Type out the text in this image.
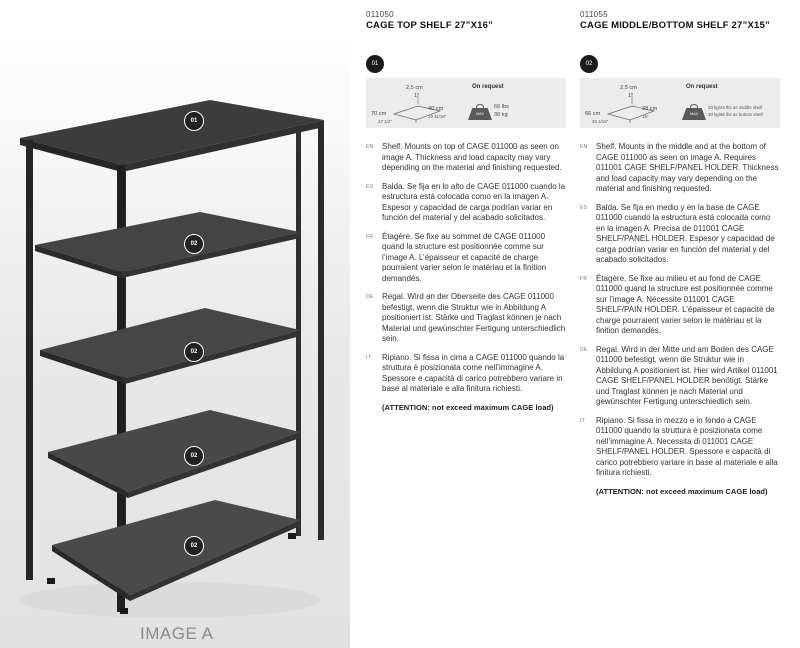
01
02
02
02
02
IMAGE A
011050
CAGE TOP SHELF 27”X16”
01
2,5 cm
1”
70 cm
27 1/2”
40 cm
15 11/16”
On request
MAX
66 lbs
30 kg
EN Shelf. Mounts on top of CAGE 011000 as seen on image A. Thickness and load capacity may vary depending on the material and finishing requested.
ES Balda. Se fija en lo alto de CAGE 011000 cuando la estructura está colocada como en la imagen A. Espesor y capacidad de carga podrían variar en función del material y del acabado solicitados.
FR Étagère. Se fixe au sommet de CAGE 011000 quand la structure est positionnée comme sur l’image A. L’épaisseur et capacité de charge pourraient varier selon le matériau et la finition demandés.
DE Regal. Wird an der Oberseite des CAGE 011000 befestigt, wenn die Struktur wie in Abbildung A positioniert ist. Stärke und Traglast können je nach Material und gewünschter Fertigung unterschiedlich sein.
IT Ripiano. Si fissa in cima a CAGE 011000 quando la struttura è posizionata come nell’immagine A. Spessore e capacità di carico potrebbero variare in base al materiale e alla finitura richiesti.
(ATTENTION: not exceed maximum CAGE load)
011055
CAGE MIDDLE/BOTTOM SHELF 27”X15”
02
2,5 cm
1”
66 cm
26 1/16”
38 cm
15”
On request
MAX
20 kg/44 lbs as middle shelf
30 kg/66 lbs as bottom shelf
EN Shelf. Mounts in the middle and at the bottom of CAGE 011000 as seen on image A. Requires 011001 CAGE SHELF/PANEL HOLDER. Thickness and load capacity may vary depending on the material and finishing requested.
ES Balda. Se fija en medio y en la base de CAGE 011000 cuando la estructura está colocada como en la imagen A. Precisa de 011001 CAGE SHELF/PANEL HOLDER. Espesor y capacidad de carga podrían variar en función del material y del acabado solicitados.
FR Étagère. Se fixe au milieu et au fond de CAGE 011000 quand la structure est positionnée comme sur l’image A. Nécessite 011001 CAGE SHELF/PAIN HOLDER. L’épaisseur et capacité de charge pourraient varier selon le matériau et la finition demandés.
DE Regal. Wird in der Mitte und am Boden des CAGE 011000 befestigt, wenn die Struktur wie in Abbildung A positioniert ist. Hier wird Artikel 011001 CAGE SHELF/PANEL HOLDER benötigt. Stärke und Traglast können je nach Material und gewünschter Fertigung unterschiedlich sein.
IT Ripiano. Si fissa in mezzo e in fondo a CAGE 011000 quando la struttura è posizionata come nell’immagine A. Necessita di 011001 CAGE SHELF/PANEL HOLDER. Spessore e capacità di carico potrebbero variare in base al materiale e alla finitura richiesti.
(ATTENTION: not exceed maximum CAGE load)
